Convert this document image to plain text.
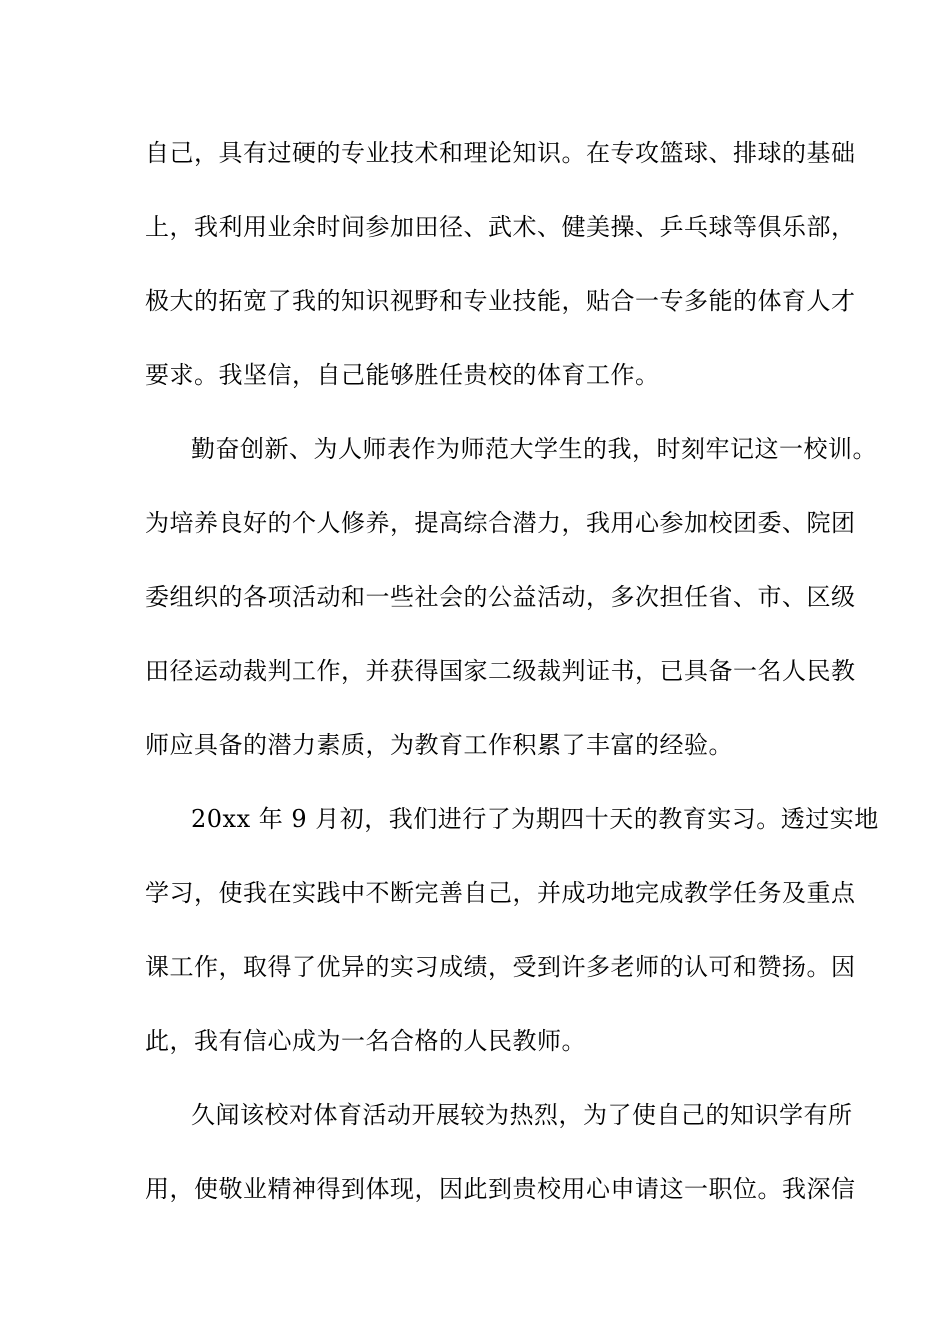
自己，具有过硬的专业技术和理论知识。在专攻篮球、排球的基础
上，我利用业余时间参加田径、武术、健美操、乒乓球等俱乐部，
极大的拓宽了我的知识视野和专业技能，贴合一专多能的体育人才
要求。我坚信，自己能够胜任贵校的体育工作。
勤奋创新、为人师表作为师范大学生的我，时刻牢记这一校训。
为培养良好的个人修养，提高综合潜力，我用心参加校团委、院团
委组织的各项活动和一些社会的公益活动，多次担任省、市、区级
田径运动裁判工作，并获得国家二级裁判证书，已具备一名人民教
师应具备的潜力素质，为教育工作积累了丰富的经验。
20xx 年 9 月初，我们进行了为期四十天的教育实习。透过实地
学习，使我在实践中不断完善自己，并成功地完成教学任务及重点
课工作，取得了优异的实习成绩，受到许多老师的认可和赞扬。因
此，我有信心成为一名合格的人民教师。
久闻该校对体育活动开展较为热烈，为了使自己的知识学有所
用，使敬业精神得到体现，因此到贵校用心申请这一职位。我深信
